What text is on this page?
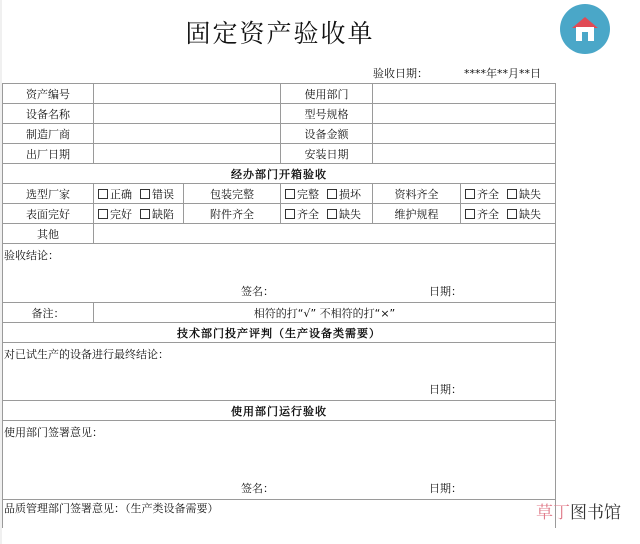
固定资产验收单
验收日期：	****年**月**日
资产编号			使用部门		
设备名称			型号规格		
制造厂商			设备金额		
出厂日期			安装日期		
经办部门开箱验收					
选型厂家	正确 错误	包装完整	完整 损坏	资料齐全	齐全 缺失
表面完好	完好 缺陷	附件齐全	齐全 缺失	维护规程	齐全 缺失
其他					

验收结论：
签名： 日期：					

备注：	相符的打“√” 不相符的打“×”				
技术部门投产评判（生产设备类需要）					

对已试生产的设备进行最终结论：
日期：					

使用部门运行验收					

使用部门签署意见：
签名： 日期：					

品质管理部门签署意见：（生产类设备需要）						草丁图书馆
